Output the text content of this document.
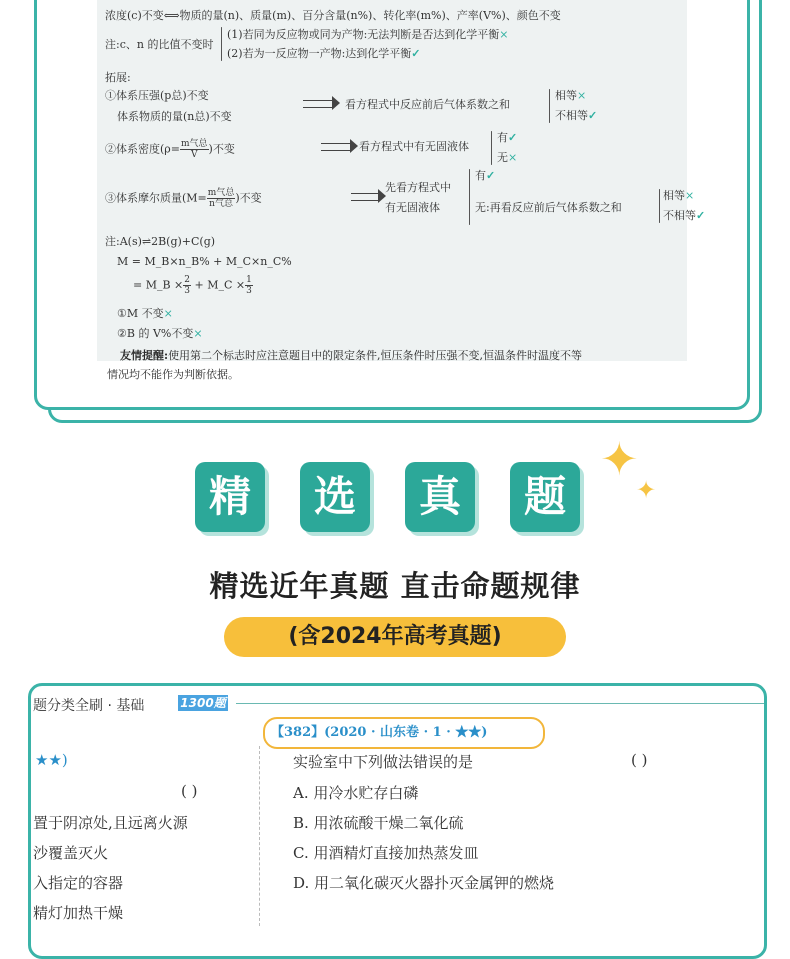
浓度(c)不变⟺物质的量(n)、质量(m)、百分含量(n%)、转化率(m%)、产率(V%)、颜色不变
注:c、n 的比值不变时
(1)若同为反应物或同为产物:无法判断是否达到化学平衡×
(2)若为一反应物一产物:达到化学平衡✓
拓展:
①体系压强(p总)不变
体系物质的量(n总)不变
看方程式中反应前后气体系数之和
相等×
不相等✓
②体系密度($\rho= \frac{\text{m气总}}{V}$ )不变	看方程式中有无固液体
有✓
无×
③体系摩尔质量($M= \frac{\text{m气总}}{\text{n气总}}$ )不变
先看方程式中
有无固液体
有✓
无:再看反应前后气体系数之和
相等×
不相等✓
注:A(s)⇌2B(g)+C(g)
M = M_B×n_B% + M_C×n_C%
= M_B × $\frac{2}{3}$ + M_C × $\frac{1}{3}$
①M 不变×
②B 的 V%不变×
友情提醒:使用第二个标志时应注意题目中的限定条件,恒压条件时压强不变,恒温条件时温度不等
情况均不能作为判断依据。
精	选	真	题
✦
✦
精选近年真题 直击命题规律
(含2024年高考真题)
题分类全刷 · 基础	1300题
★★)
( )
置于阴凉处,且远离火源
沙覆盖灭火
入指定的容器
精灯加热干燥
【382】(2020 · 山东卷 · 1 · ★★)
实验室中下列做法错误的是	( )
A. 用冷水贮存白磷
B. 用浓硫酸干燥二氧化硫
C. 用酒精灯直接加热蒸发皿
D. 用二氧化碳灭火器扑灭金属钾的燃烧
